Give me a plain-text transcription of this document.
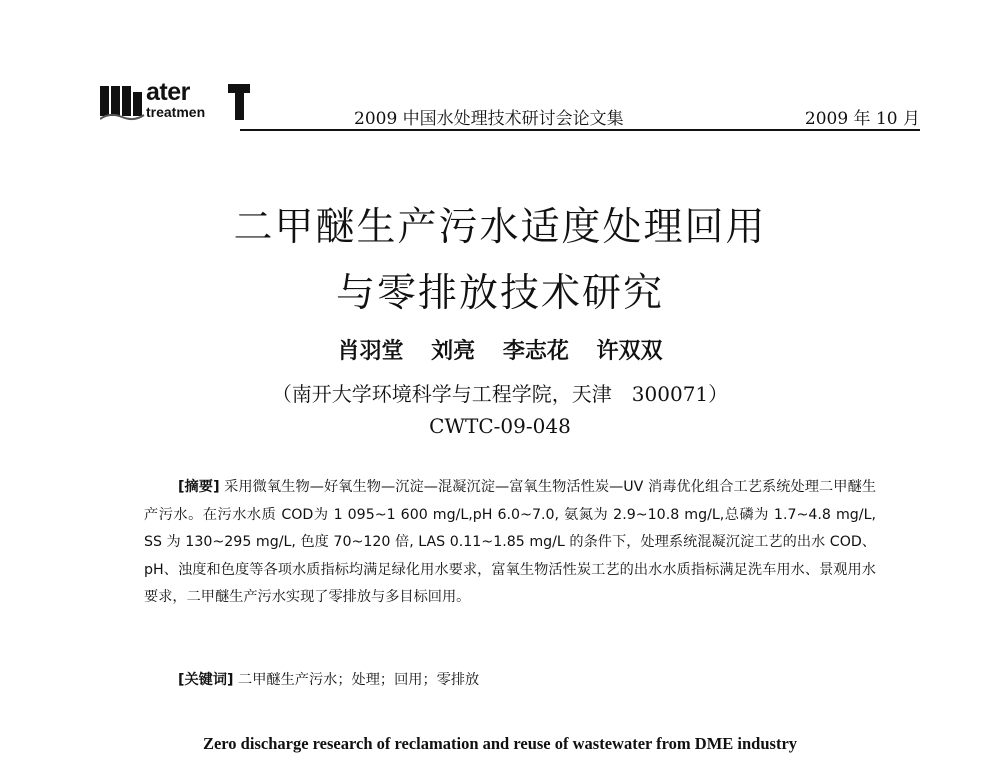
ater
treatmen	2009 中国水处理技术研讨会论文集	2009 年 10 月
二甲醚生产污水适度处理回用
与零排放技术研究
肖羽堂 刘亮 李志花 许双双
（南开大学环境科学与工程学院，天津　300071）
CWTC-09-048
[摘要] 采用微氧生物—好氧生物—沉淀—混凝沉淀—富氧生物活性炭—UV 消毒优化组合工艺系统处理二甲醚生产污水。在污水水质 COD为 1 095~1 600 mg/L,pH 6.0~7.0, 氨氮为 2.9~10.8 mg/L,总磷为 1.7~4.8 mg/L, SS 为 130~295 mg/L, 色度 70~120 倍, LAS 0.11~1.85 mg/L 的条件下，处理系统混凝沉淀工艺的出水 COD、pH、浊度和色度等各项水质指标均满足绿化用水要求，富氧生物活性炭工艺的出水水质指标满足洗车用水、景观用水要求，二甲醚生产污水实现了零排放与多目标回用。
[关键词] 二甲醚生产污水；处理；回用；零排放
Zero discharge research of reclamation and reuse of wastewater from DME industry
